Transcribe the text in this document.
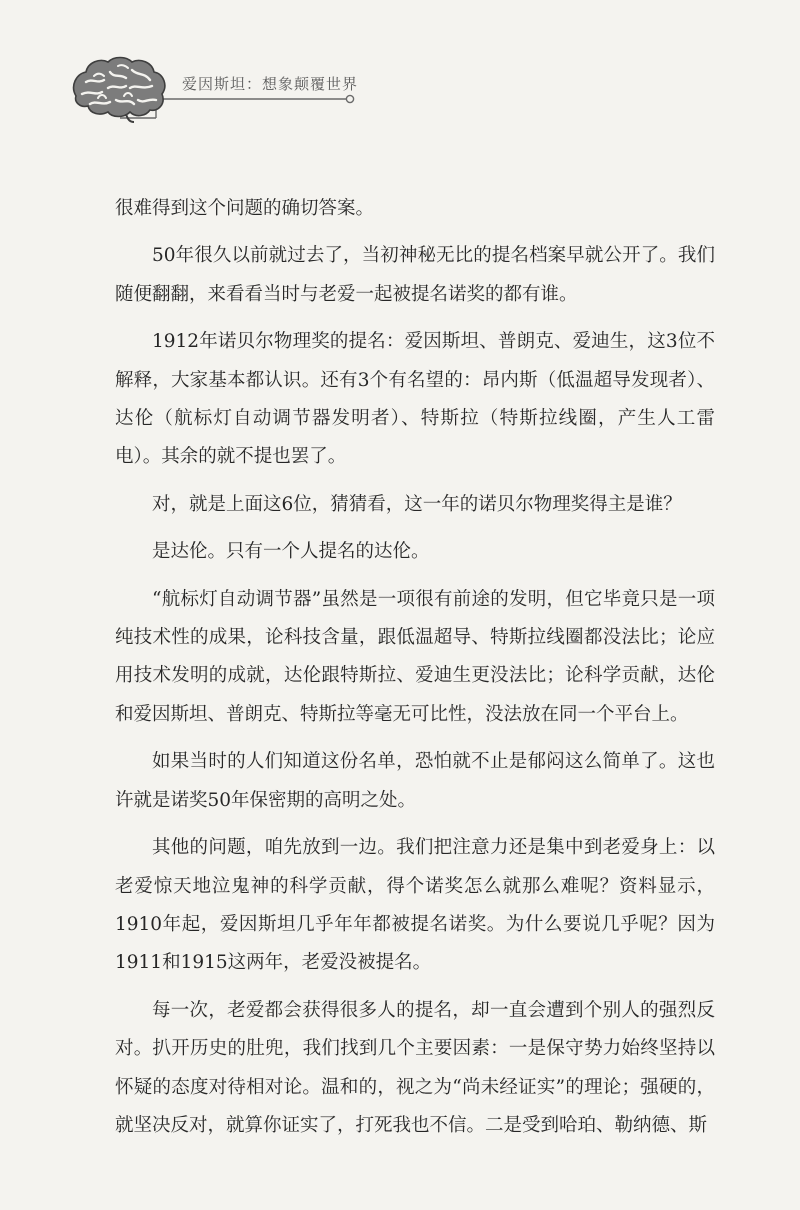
爱因斯坦：想象颠覆世界

很难得到这个问题的确切答案。

50年很久以前就过去了，当初神秘无比的提名档案早就公开了。我们随便翻翻，来看看当时与老爱一起被提名诺奖的都有谁。

1912年诺贝尔物理奖的提名：爱因斯坦、普朗克、爱迪生，这3位不解释，大家基本都认识。还有3个有名望的：昂内斯（低温超导发现者）、达伦（航标灯自动调节器发明者）、特斯拉（特斯拉线圈，产生人工雷电）。其余的就不提也罢了。

对，就是上面这6位，猜猜看，这一年的诺贝尔物理奖得主是谁？

是达伦。只有一个人提名的达伦。

“航标灯自动调节器”虽然是一项很有前途的发明，但它毕竟只是一项纯技术性的成果，论科技含量，跟低温超导、特斯拉线圈都没法比；论应用技术发明的成就，达伦跟特斯拉、爱迪生更没法比；论科学贡献，达伦和爱因斯坦、普朗克、特斯拉等毫无可比性，没法放在同一个平台上。

如果当时的人们知道这份名单，恐怕就不止是郁闷这么简单了。这也许就是诺奖50年保密期的高明之处。

其他的问题，咱先放到一边。我们把注意力还是集中到老爱身上：以老爱惊天地泣鬼神的科学贡献，得个诺奖怎么就那么难呢？资料显示，1910年起，爱因斯坦几乎年年都被提名诺奖。为什么要说几乎呢？因为1911和1915这两年，老爱没被提名。

每一次，老爱都会获得很多人的提名，却一直会遭到个别人的强烈反对。扒开历史的肚兜，我们找到几个主要因素：一是保守势力始终坚持以怀疑的态度对待相对论。温和的，视之为“尚未经证实”的理论；强硬的，就坚决反对，就算你证实了，打死我也不信。二是受到哈珀、勒纳德、斯
